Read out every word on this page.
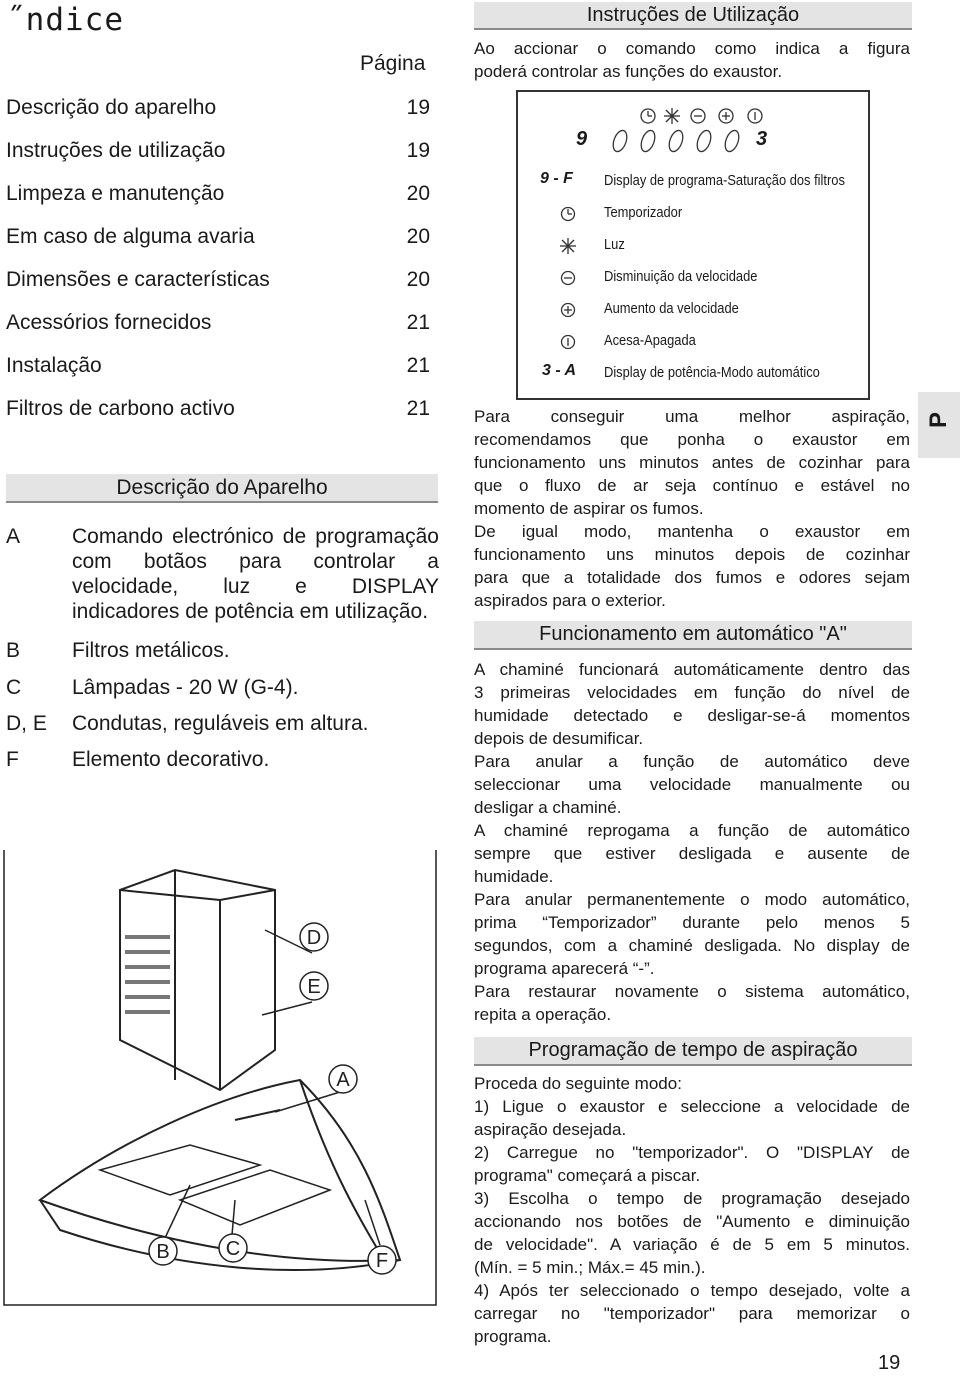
˝ndice
Página
Descrição do aparelho	19
Instruções de utilização	19
Limpeza e manutenção	20
Em caso de alguma avaria	20
Dimensões e características	20
Acessórios fornecidos	21
Instalação	21
Filtros de carbono activo	21
Descrição do Aparelho
A Comando electrónico de programação
com botãos para controlar a
velocidade, luz e DISPLAY
indicadores de potência em utilização.
B Filtros metálicos.
C Lâmpadas - 20 W (G-4).
D, E Condutas, reguláveis em altura.
F	Elemento decorativo.
D
E
A
B	C
F
Instruções de Utilização

Ao accionar o comando como indica a figura

poderá controlar as funções do exaustor.

9	3
9 - F Display de programa-Saturação dos filtros
Temporizador
Luz
Disminuição da velocidade
Aumento da velocidade
Acesa-Apagada
3 - A Display de potência-Modo automático

Para conseguir uma melhor aspiração,

recomendamos que ponha o exaustor em

funcionamento uns minutos antes de cozinhar para

que o fluxo de ar seja contínuo e estável no

momento de aspirar os fumos.

De igual modo, mantenha o exaustor em

funcionamento uns minutos depois de cozinhar

para que a totalidade dos fumos e odores sejam

aspirados para o exterior.

Funcionamento em automático "A"

A chaminé funcionará automáticamente dentro das

3 primeiras velocidades em função do nível de

humidade detectado e desligar-se-á momentos

depois de desumificar.

Para anular a função de automático deve

seleccionar uma velocidade manualmente ou

desligar a chaminé.

A chaminé reprogama a função de automático

sempre que estiver desligada e ausente de

humidade.

Para anular permanentemente o modo automático,

prima “Temporizador” durante pelo menos 5

segundos, com a chaminé desligada. No display de

programa aparecerá “-”.

Para restaurar novamente o sistema automático,

repita a operação.

Programação de tempo de aspiração

Proceda do seguinte modo:

1) Ligue o exaustor e seleccione a velocidade de

aspiração desejada.

2) Carregue no "temporizador". O "DISPLAY de

programa" começará a piscar.

3) Escolha o tempo de programação desejado

accionando nos botões de "Aumento e diminuição

de velocidade". A variação é de 5 em 5 minutos.

(Mín. = 5 min.; Máx.= 45 min.).

4) Após ter seleccionado o tempo desejado, volte a

carregar no "temporizador" para memorizar o

programa.

P
19
